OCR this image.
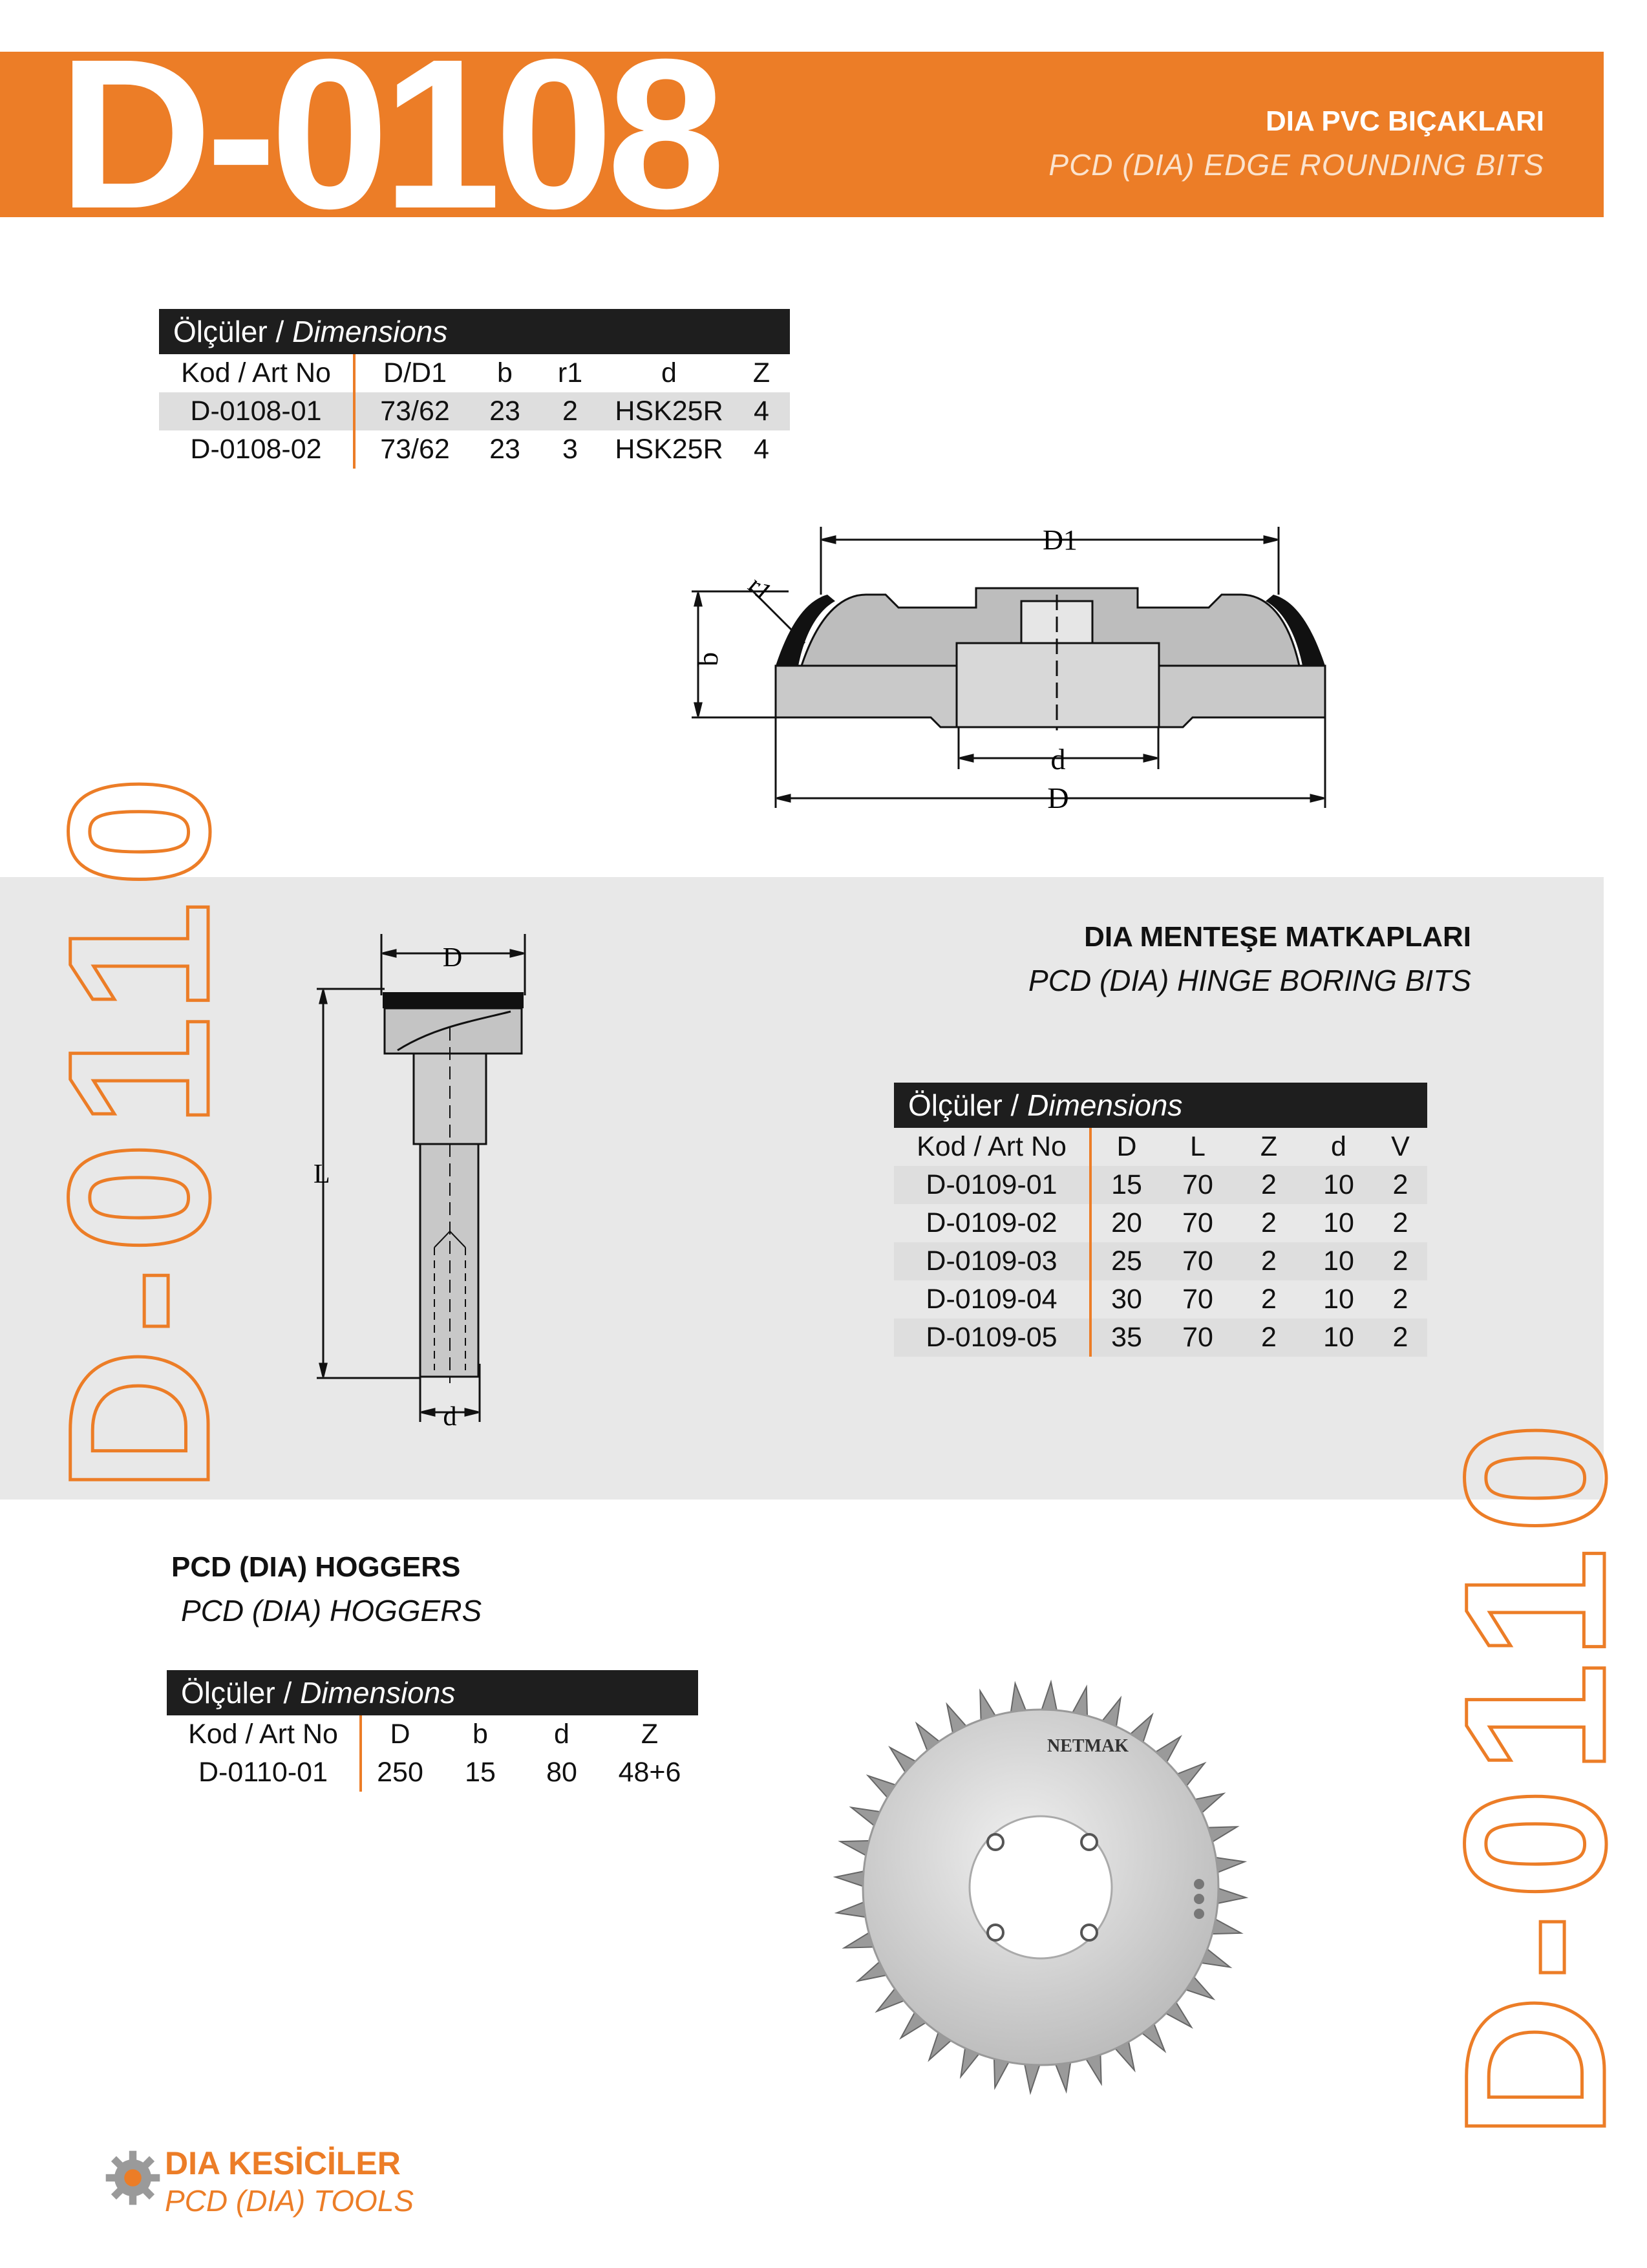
D-0108	DIA PVC BIÇAKLARI
PCD (DIA) EDGE ROUNDING BITS
Ölçüler / Dimensions					
Kod / Art No	D/D1	b	r1	d	Z
D-0108-01	73/62	23	2	HSK25R	4
D-0108-02	73/62	23	3	HSK25R	4
D1
r1
b
d
D
D-0110	D
L
d
DIA MENTEŞE MATKAPLARI
PCD (DIA) HINGE BORING BITS
Ölçüler / Dimensions					
Kod / Art No	D	L	Z	d	V
D-0109-01	15	70	2	10	2
D-0109-02	20	70	2	10	2
D-0109-03	25	70	2	10	2
D-0109-04	30	70	2	10	2
D-0109-05	35	70	2	10	2
PCD (DIA) HOGGERS
PCD (DIA) HOGGERS
Ölçüler / Dimensions				
Kod / Art No	D	b	d	Z
D-0110-01	250	15	80	48+6
NETMAK D-0110
DIA KESİCİLER
PCD (DIA) TOOLS
